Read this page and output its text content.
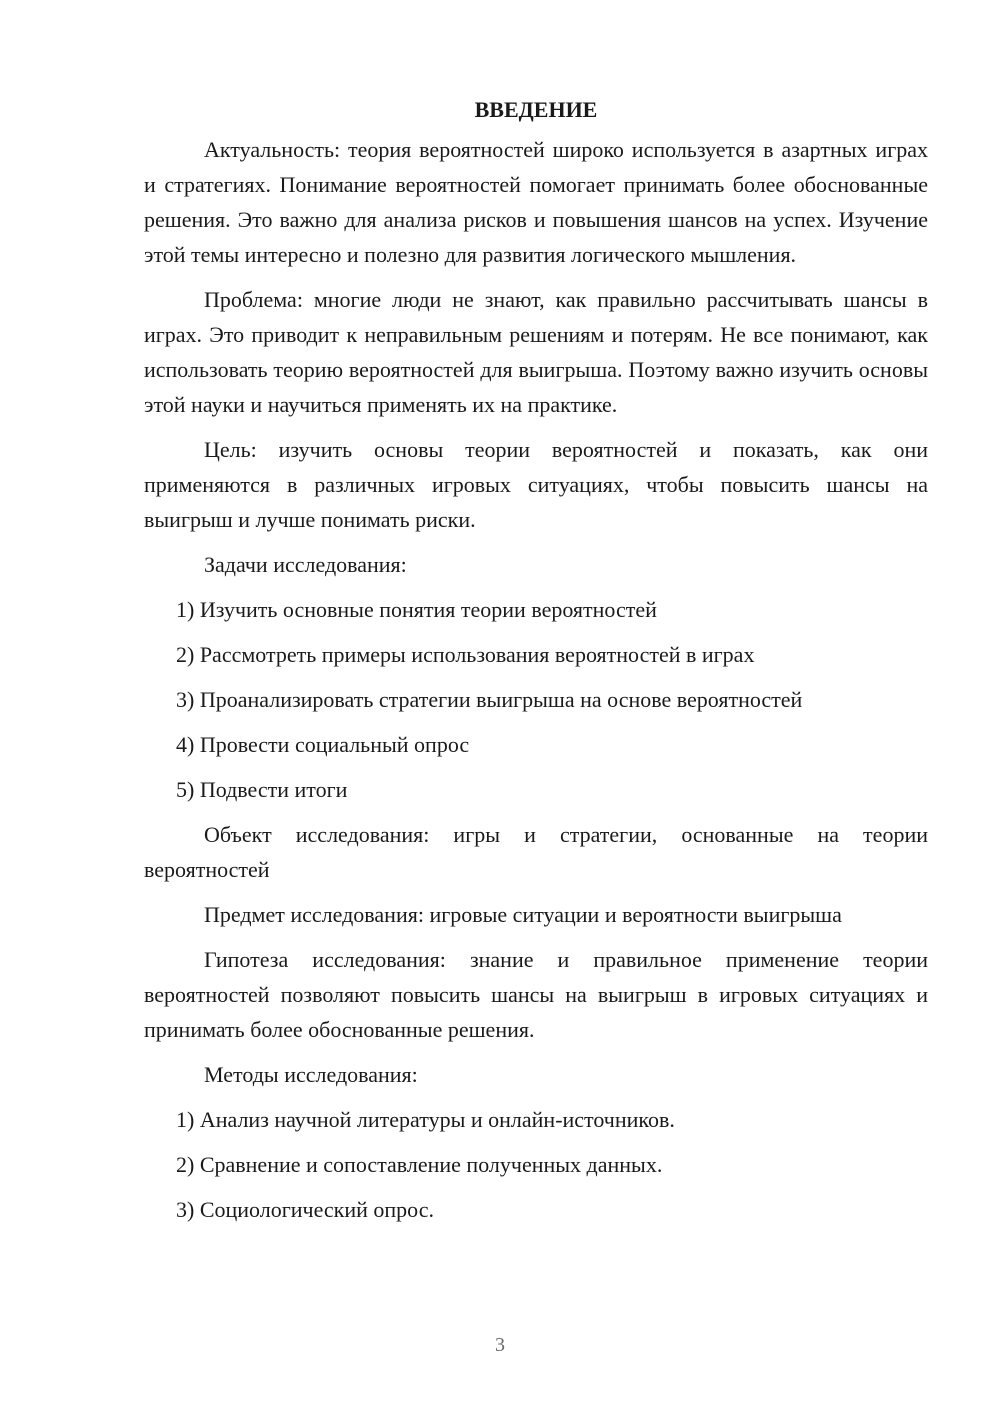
ВВЕДЕНИЕ
Актуальность: теория вероятностей широко используется в азартных играх и стратегиях. Понимание вероятностей помогает принимать более обоснованные решения. Это важно для анализа рисков и повышения шансов на успех. Изучение этой темы интересно и полезно для развития логического мышления.
Проблема: многие люди не знают, как правильно рассчитывать шансы в играх. Это приводит к неправильным решениям и потерям. Не все понимают, как использовать теорию вероятностей для выигрыша. Поэтому важно изучить основы этой науки и научиться применять их на практике.
Цель: изучить основы теории вероятностей и показать, как они применяются в различных игровых ситуациях, чтобы повысить шансы на выигрыш и лучше понимать риски.
Задачи исследования:
1) Изучить основные понятия теории вероятностей
2) Рассмотреть примеры использования вероятностей в играх
3) Проанализировать стратегии выигрыша на основе вероятностей
4) Провести социальный опрос
5) Подвести итоги
Объект исследования: игры и стратегии, основанные на теории вероятностей
Предмет исследования: игровые ситуации и вероятности выигрыша
Гипотеза исследования: знание и правильное применение теории вероятностей позволяют повысить шансы на выигрыш в игровых ситуациях и принимать более обоснованные решения.
Методы исследования:
1) Анализ научной литературы и онлайн-источников.
2) Сравнение и сопоставление полученных данных.
3) Социологический опрос.
3
